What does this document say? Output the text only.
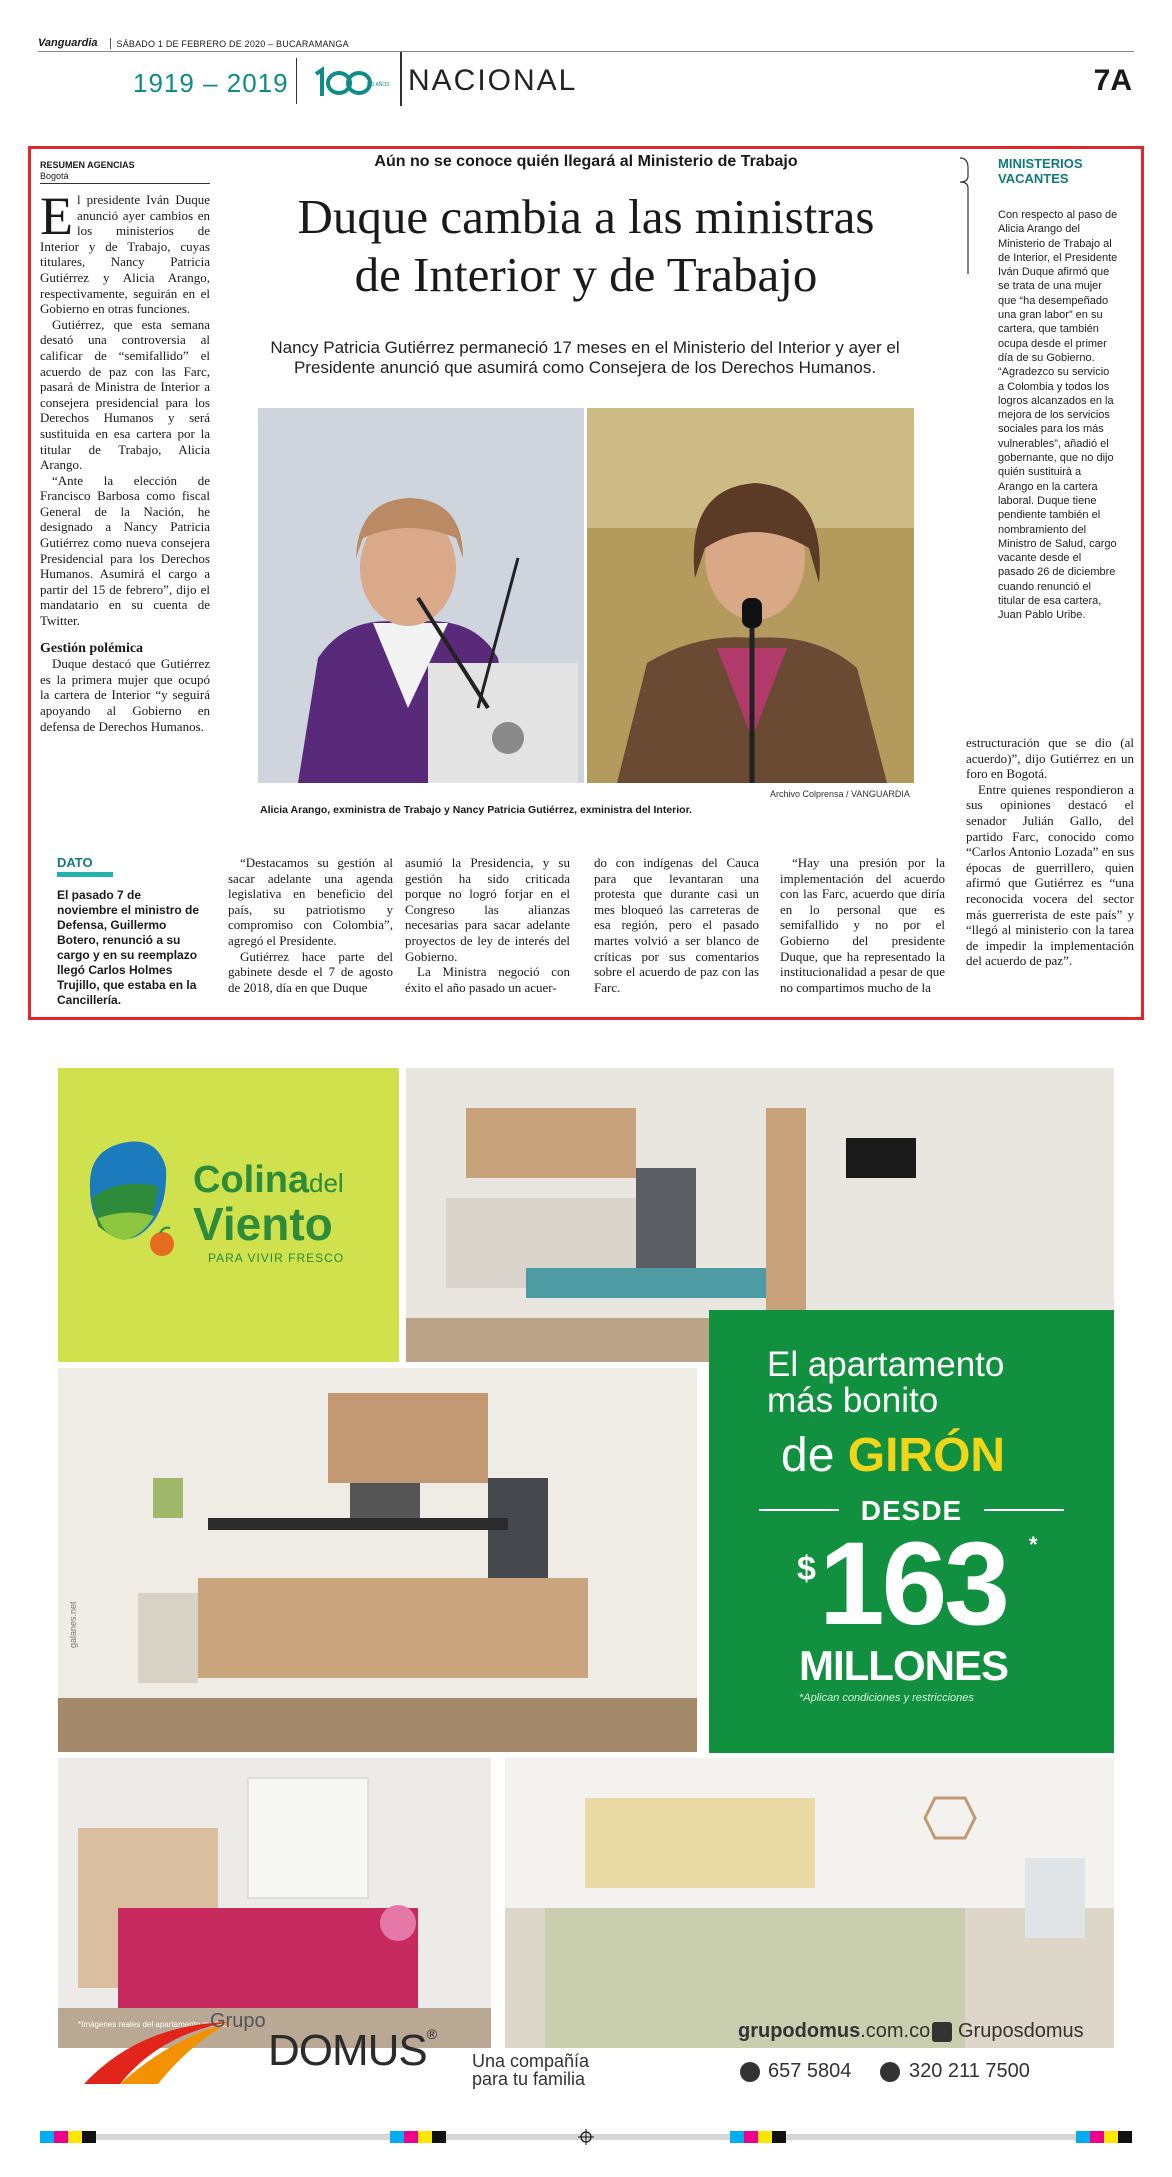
Vanguardia SÁBADO 1 DE FEBRERO DE 2020 – BUCARAMANGA
1919 – 2019	100 AÑOS NACIONAL	7A
RESUMEN AGENCIAS
Bogotá

El presidente Iván Duque anunció ayer cambios en los ministerios de Interior y de Trabajo, cuyas titulares, Nancy Patricia Gutiérrez y Alicia Arango, respectivamente, seguirán en el Gobierno en otras funciones.

Gutiérrez, que esta semana desató una controversia al calificar de “semifallido” el acuerdo de paz con las Farc, pasará de Ministra de Interior a consejera presidencial para los Derechos Humanos y será sustituida en esa cartera por la titular de Trabajo, Alicia Arango.

“Ante la elección de Francisco Barbosa como fiscal General de la Nación, he designado a Nancy Patricia Gutiérrez como nueva consejera Presidencial para los Derechos Humanos. Asumirá el cargo a partir del 15 de febrero”, dijo el mandatario en su cuenta de Twitter.

Gestión polémica

Duque destacó que Gutiérrez es la primera mujer que ocupó la cartera de Interior “y seguirá apoyando al Gobierno en defensa de Derechos Humanos.

Aún no se conoce quién llegará al Ministerio de Trabajo
Duque cambia a las ministras
de Interior y de Trabajo
Nancy Patricia Gutiérrez permaneció 17 meses en el Ministerio del Interior y ayer el Presidente anunció que asumirá como Consejera de los Derechos Humanos.
Archivo Colprensa / VANGUARDIA
Alicia Arango, exministra de Trabajo y Nancy Patricia Gutiérrez, exministra del Interior.
MINISTERIOS
VACANTES

Con respecto al paso de Alicia Arango del Ministerio de Trabajo al de Interior, el Presidente Iván Duque afirmó que se trata de una mujer que “ha desempeñado una gran labor” en su cartera, que también ocupa desde el primer día de su Gobierno.

“Agradezco su servicio a Colombia y todos los logros alcanzados en la mejora de los servicios sociales para los más vulnerables”, añadió el gobernante, que no dijo quién sustituirá a Arango en la cartera laboral. Duque tiene pendiente también el nombramiento del Ministro de Salud, cargo vacante desde el pasado 26 de diciembre cuando renunció el titular de esa cartera, Juan Pablo Uribe.

estructuración que se dio (al acuerdo)”, dijo Gutiérrez en un foro en Bogotá.

Entre quienes respondieron a sus opiniones destacó el senador Julián Gallo, del partido Farc, conocido como “Carlos Antonio Lozada” en sus épocas de guerrillero, quien afirmó que Gutiérrez es “una reconocida vocera del sector más guerrerista de este país” y “llegó al ministerio con la tarea de impedir la implementación del acuerdo de paz”.

DATO
El pasado 7 de noviembre el ministro de Defensa, Guillermo Botero, renunció a su cargo y en su reemplazo llegó Carlos Holmes Trujillo, que estaba en la Cancillería.

“Destacamos su gestión al sacar adelante una agenda legislativa en beneficio del país, su patriotismo y compromiso con Colombia”, agregó el Presidente.

Gutiérrez hace parte del gabinete desde el 7 de agosto de 2018, día en que Duque

asumió la Presidencia, y su gestión ha sido criticada porque no logró forjar en el Congreso las alianzas necesarias para sacar adelante proyectos de ley de interés del Gobierno.

La Ministra negoció con éxito el año pasado un acuer-

do con indígenas del Cauca para que levantaran una protesta que durante casi un mes bloqueó las carreteras de esa región, pero el pasado martes volvió a ser blanco de críticas por sus comentarios sobre el acuerdo de paz con las Farc.

“Hay una presión por la implementación del acuerdo con las Farc, acuerdo que diría en lo personal que es semifallido y no por el Gobierno del presidente Duque, que ha representado la institucionalidad a pesar de que no compartimos mucho de la

Colina del
Viento
PARA VIVIR FRESCO
El apartamento
más bonito
de GIRÓN
DESDE
$ 163 *
MILLONES
*Aplican condiciones y restricciones
*Imágenes reales del apartamento modelo.
galanes.net
Grupo
DOMUS®
Una compañía
para tu familia
grupodomus.com.co Gruposdomus
657 5804	320 211 7500
